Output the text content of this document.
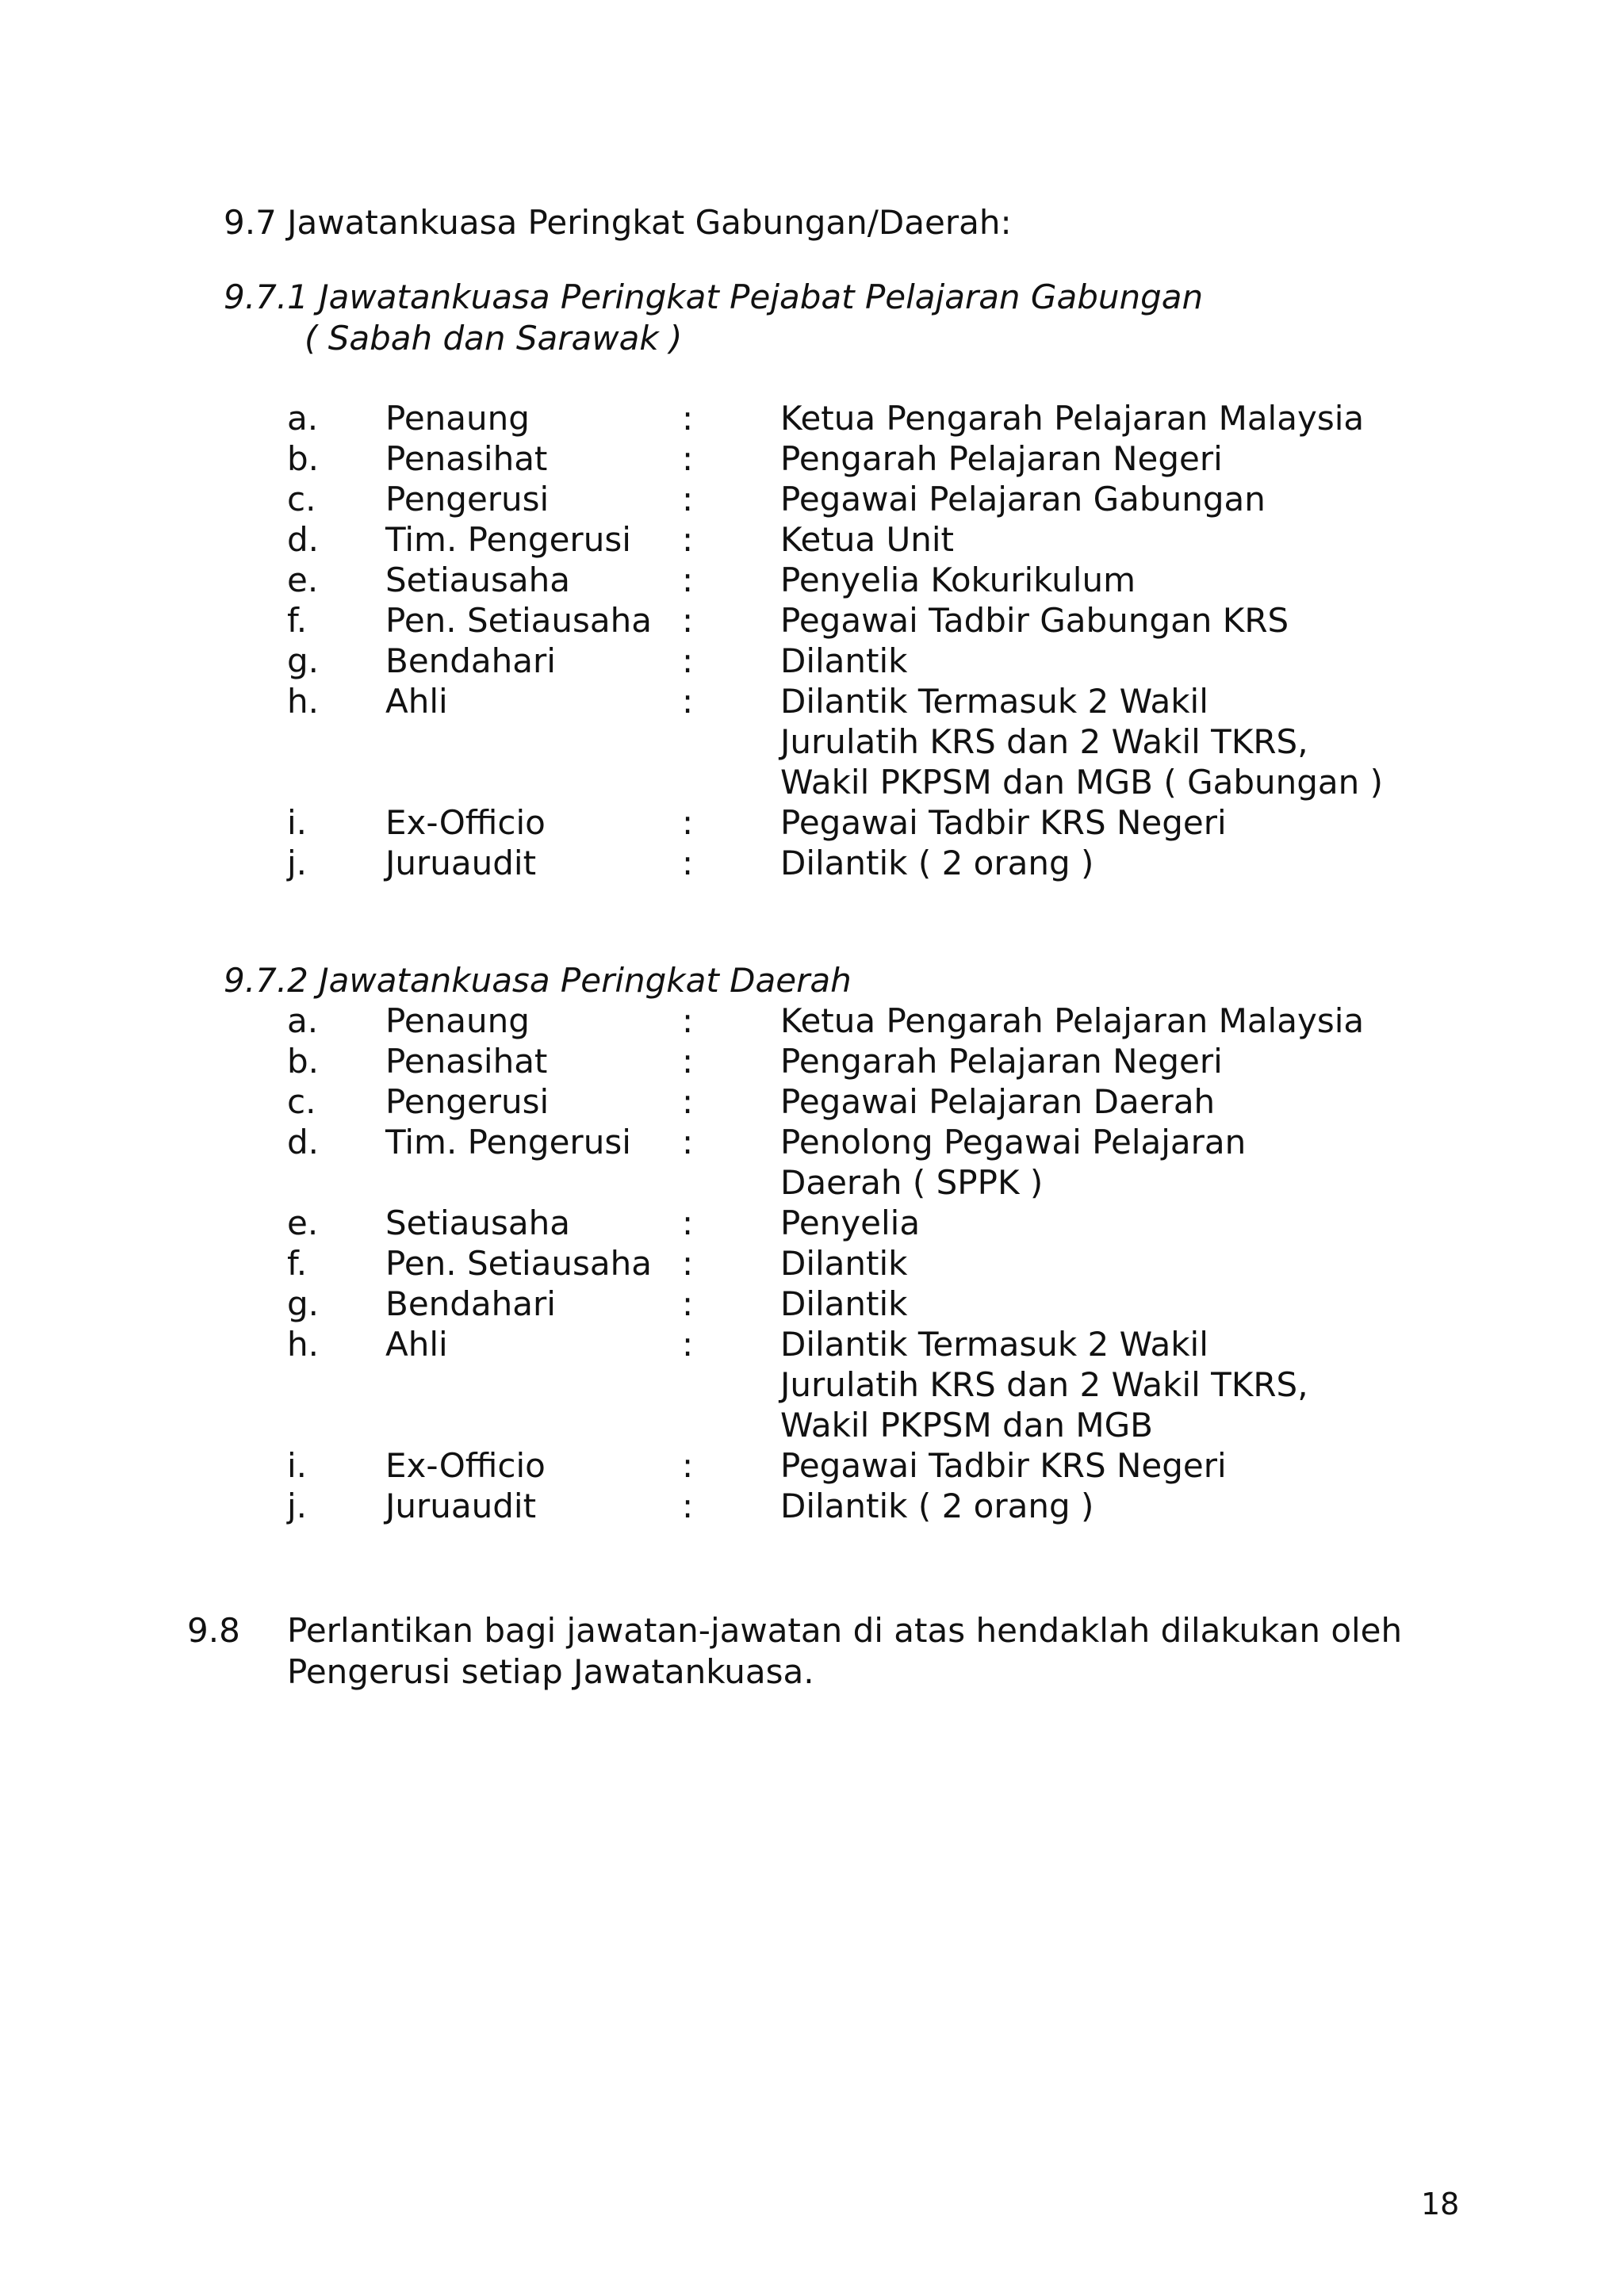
9.7 Jawatankuasa Peringkat Gabungan/Daerah:
9.7.1 Jawatankuasa Peringkat Pejabat Pelajaran Gabungan
( Sabah dan Sarawak )
a. Penaung	:	Ketua Pengarah Pelajaran Malaysia
b. Penasihat	:	Pengarah Pelajaran Negeri
c. Pengerusi	:	Pegawai Pelajaran Gabungan
d. Tim. Pengerusi :	Ketua Unit
e. Setiausaha	:	Penyelia Kokurikulum
f. Pen. Setiausaha :	Pegawai Tadbir Gabungan KRS
g. Bendahari	:	Dilantik
h. Ahli	:	Dilantik Termasuk 2 Wakil
Jurulatih KRS dan 2 Wakil TKRS,
Wakil PKPSM dan MGB ( Gabungan )
i. Ex-Officio	:	Pegawai Tadbir KRS Negeri
j. Juruaudit	:	Dilantik ( 2 orang )
9.7.2 Jawatankuasa Peringkat Daerah
a. Penaung	:	Ketua Pengarah Pelajaran Malaysia
b. Penasihat	:	Pengarah Pelajaran Negeri
c. Pengerusi	:	Pegawai Pelajaran Daerah
d. Tim. Pengerusi :	Penolong Pegawai Pelajaran
Daerah ( SPPK )
e. Setiausaha	:	Penyelia
f. Pen. Setiausaha :	Dilantik
g. Bendahari	:	Dilantik
h. Ahli	:	Dilantik Termasuk 2 Wakil
Jurulatih KRS dan 2 Wakil TKRS,
Wakil PKPSM dan MGB
i. Ex-Officio	:	Pegawai Tadbir KRS Negeri
j. Juruaudit	:	Dilantik ( 2 orang )
9.8 Perlantikan bagi jawatan-jawatan di atas hendaklah dilakukan oleh
Pengerusi setiap Jawatankuasa.
18
